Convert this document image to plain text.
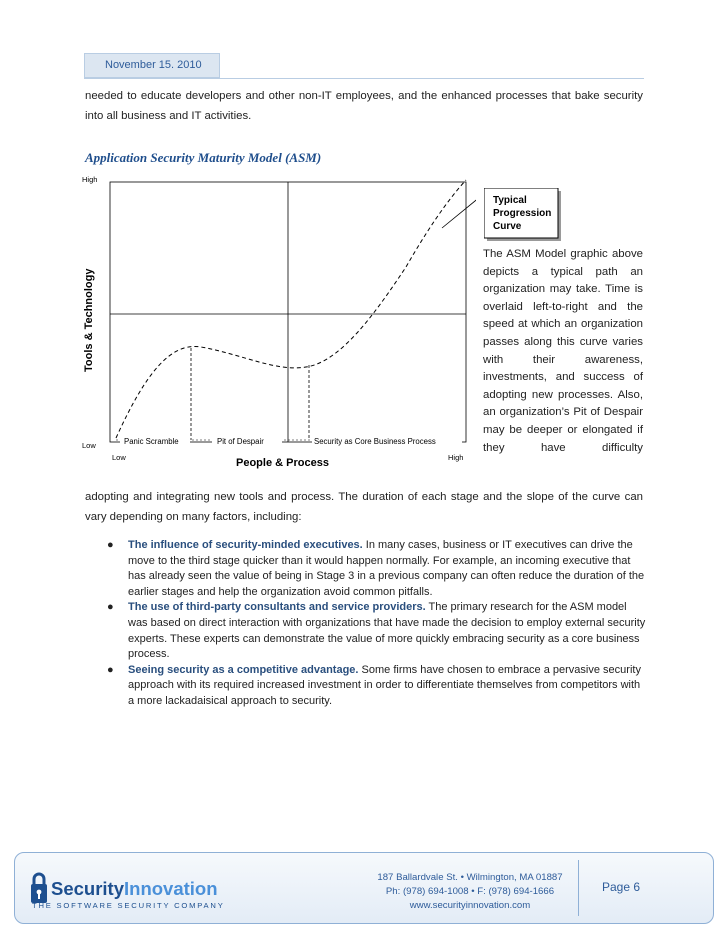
November 15. 2010

needed to educate developers and other non-IT employees, and the enhanced processes that bake security into all business and IT activities.

Application Security Maturity Model (ASM)
High
Low
Tools & Technology
Panic Scramble	Pit of Despair	Security as Core Business Process
Low	High
People & Process
Typical
Progression
Curve

The ASM Model graphic above depicts a typical path an organization may take. Time is overlaid left-to-right and the speed at which an organization passes along this curve varies with their awareness, investments, and success of adopting new processes. Also, an organization’s Pit of Despair may be deeper or elongated if they have difficulty

adopting and integrating new tools and process. The duration of each stage and the slope of the curve can vary depending on many factors, including:

● The influence of security-minded executives. In many cases, business or IT executives can drive the move to the third stage quicker than it would happen normally. For example, an incoming executive that has already seen the value of being in Stage 3 in a previous company can often reduce the duration of the earlier stages and help the organization avoid common pitfalls.
● The use of third-party consultants and service providers. The primary research for the ASM model was based on direct interaction with organizations that have made the decision to employ external security experts. These experts can demonstrate the value of more quickly embracing security as a core business process.
● Seeing security as a competitive advantage. Some firms have chosen to embrace a pervasive security approach with its required increased investment in order to differentiate themselves from competitors with a more lackadaisical approach to security.
SecurityInnovation
THE SOFTWARE SECURITY COMPANY

187 Ballardvale St. • Wilmington, MA 01887
Ph: (978) 694-1008 • F: (978) 694-1666
www.securityinnovation.com

Page 6
